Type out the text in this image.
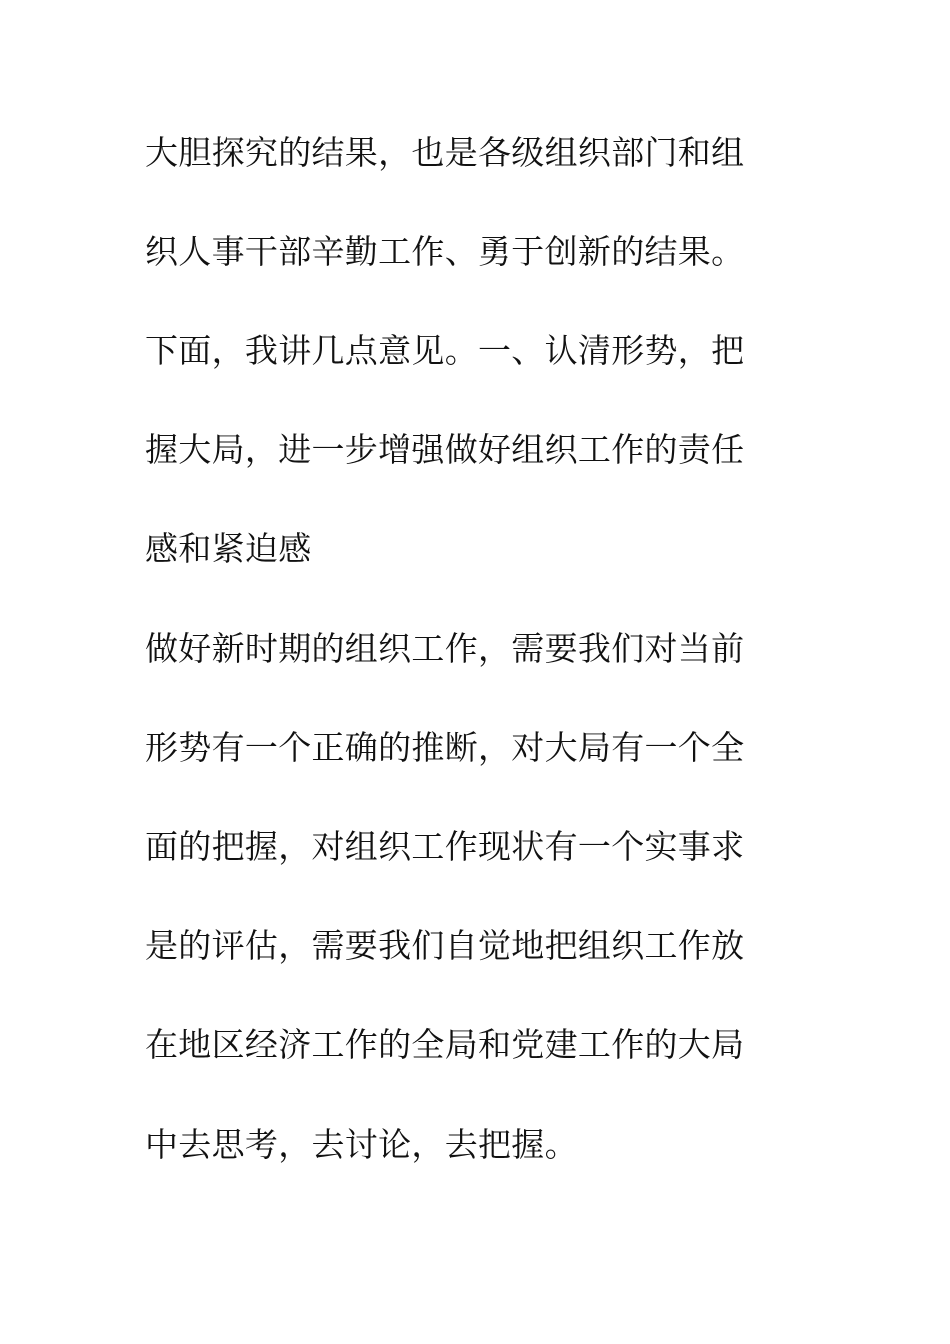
大胆探究的结果，也是各级组织部门和组
织人事干部辛勤工作、勇于创新的结果。
下面，我讲几点意见。一、认清形势，把
握大局，进一步增强做好组织工作的责任
感和紧迫感
做好新时期的组织工作，需要我们对当前
形势有一个正确的推断，对大局有一个全
面的把握，对组织工作现状有一个实事求
是的评估，需要我们自觉地把组织工作放
在地区经济工作的全局和党建工作的大局
中去思考，去讨论，去把握。
